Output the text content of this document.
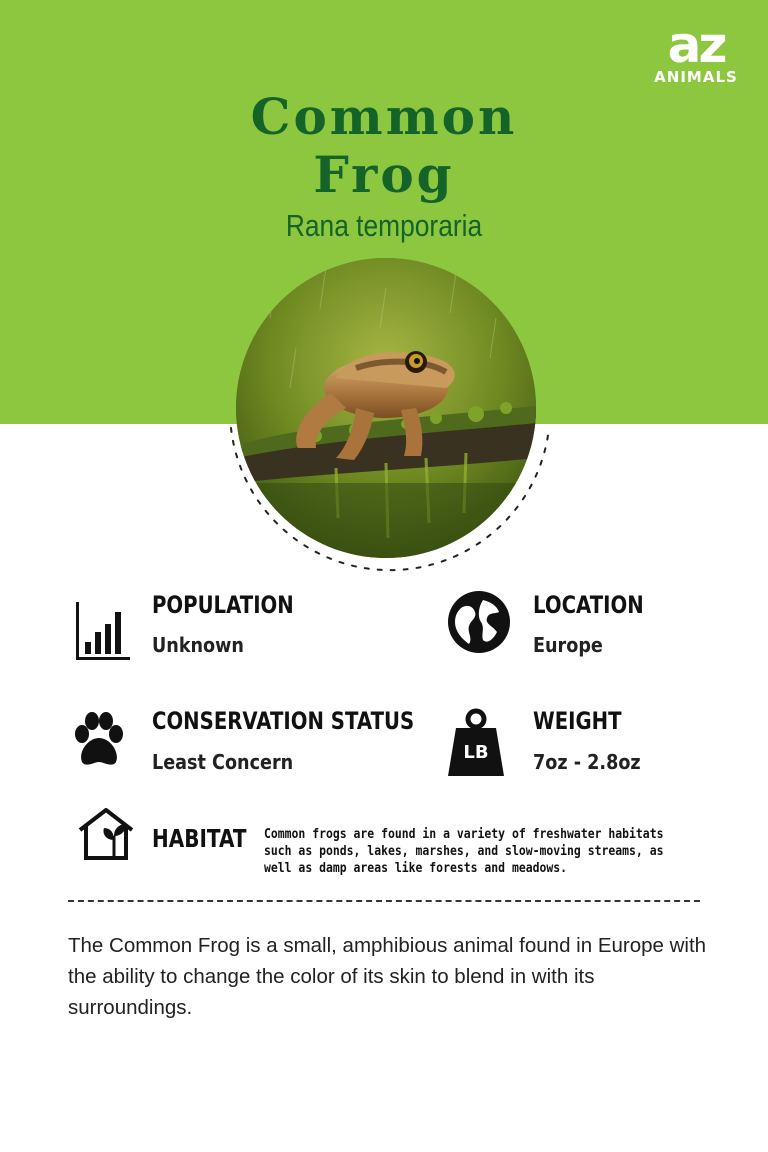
az
ANIMALS
Common
Frog
Rana temporaria
POPULATION
Unknown
LOCATION
Europe
CONSERVATION STATUS
Least Concern	LB
WEIGHT
7oz - 2.8oz
HABITAT Common frogs are found in a variety of freshwater habitats such as ponds, lakes, marshes, and slow-moving streams, as well as damp areas like forests and meadows.
The Common Frog is a small, amphibious animal found in Europe with the ability to change the color of its skin to blend in with its surroundings.
